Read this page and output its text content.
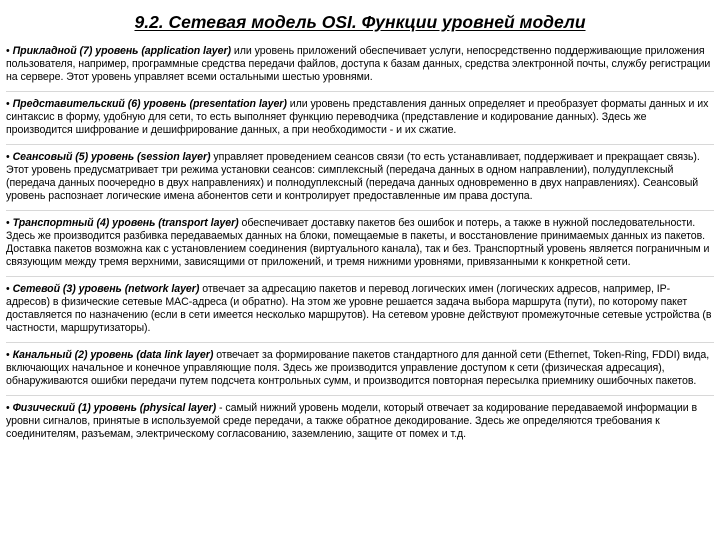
9.2. Сетевая модель OSI. Функции уровней модели

• Прикладной (7) уровень (application layer) или уровень приложений обеспечивает услуги, непосредственно поддерживающие приложения пользователя, например, программные средства передачи файлов, доступа к базам данных, средства электронной почты, службу регистрации на сервере. Этот уровень управляет всеми остальными шестью уровнями.

• Представительский (6) уровень (presentation layer) или уровень представления данных определяет и преобразует форматы данных и их синтаксис в форму, удобную для сети, то есть выполняет функцию переводчика (представление и кодирование данных). Здесь же производится шифрование и дешифрирование данных, а при необходимости - и их сжатие.

• Сеансовый (5) уровень (session layer) управляет проведением сеансов связи (то есть устанавливает, поддерживает и прекращает связь). Этот уровень предусматривает три режима установки сеансов: симплексный (передача данных в одном направлении), полудуплексный (передача данных поочередно в двух направлениях) и полнодуплексный (передача данных одновременно в двух направлениях). Сеансовый уровень распознает логические имена абонентов сети и контролирует предоставленные им права доступа.

• Транспортный (4) уровень (transport layer) обеспечивает доставку пакетов без ошибок и потерь, а также в нужной последовательности. Здесь же производится разбивка передаваемых данных на блоки, помещаемые в пакеты, и восстановление принимаемых данных из пакетов. Доставка пакетов возможна как с установлением соединения (виртуального канала), так и без. Транспортный уровень является пограничным и связующим между тремя верхними, зависящими от приложений, и тремя нижними уровнями, привязанными к конкретной сети.

• Сетевой (3) уровень (network layer) отвечает за адресацию пакетов и перевод логических имен (логических адресов, например, IP-адресов) в физические сетевые MAC-адреса (и обратно). На этом же уровне решается задача выбора маршрута (пути), по которому пакет доставляется по назначению (если в сети имеется несколько маршрутов). На сетевом уровне действуют промежуточные сетевые устройства (в частности, маршрутизаторы).

• Канальный (2) уровень (data link layer) отвечает за формирование пакетов стандартного для данной сети (Ethernet, Token-Ring, FDDI) вида, включающих начальное и конечное управляющие поля. Здесь же производится управление доступом к сети (физическая адресация), обнаруживаются ошибки передачи путем подсчета контрольных сумм, и производится повторная пересылка приемнику ошибочных пакетов.

• Физический (1) уровень (physical layer) - самый нижний уровень модели, который отвечает за кодирование передаваемой информации в уровни сигналов, принятые в используемой среде передачи, а также обратное декодирование. Здесь же определяются требования к соединителям, разъемам, электрическому согласованию, заземлению, защите от помех и т.д.
